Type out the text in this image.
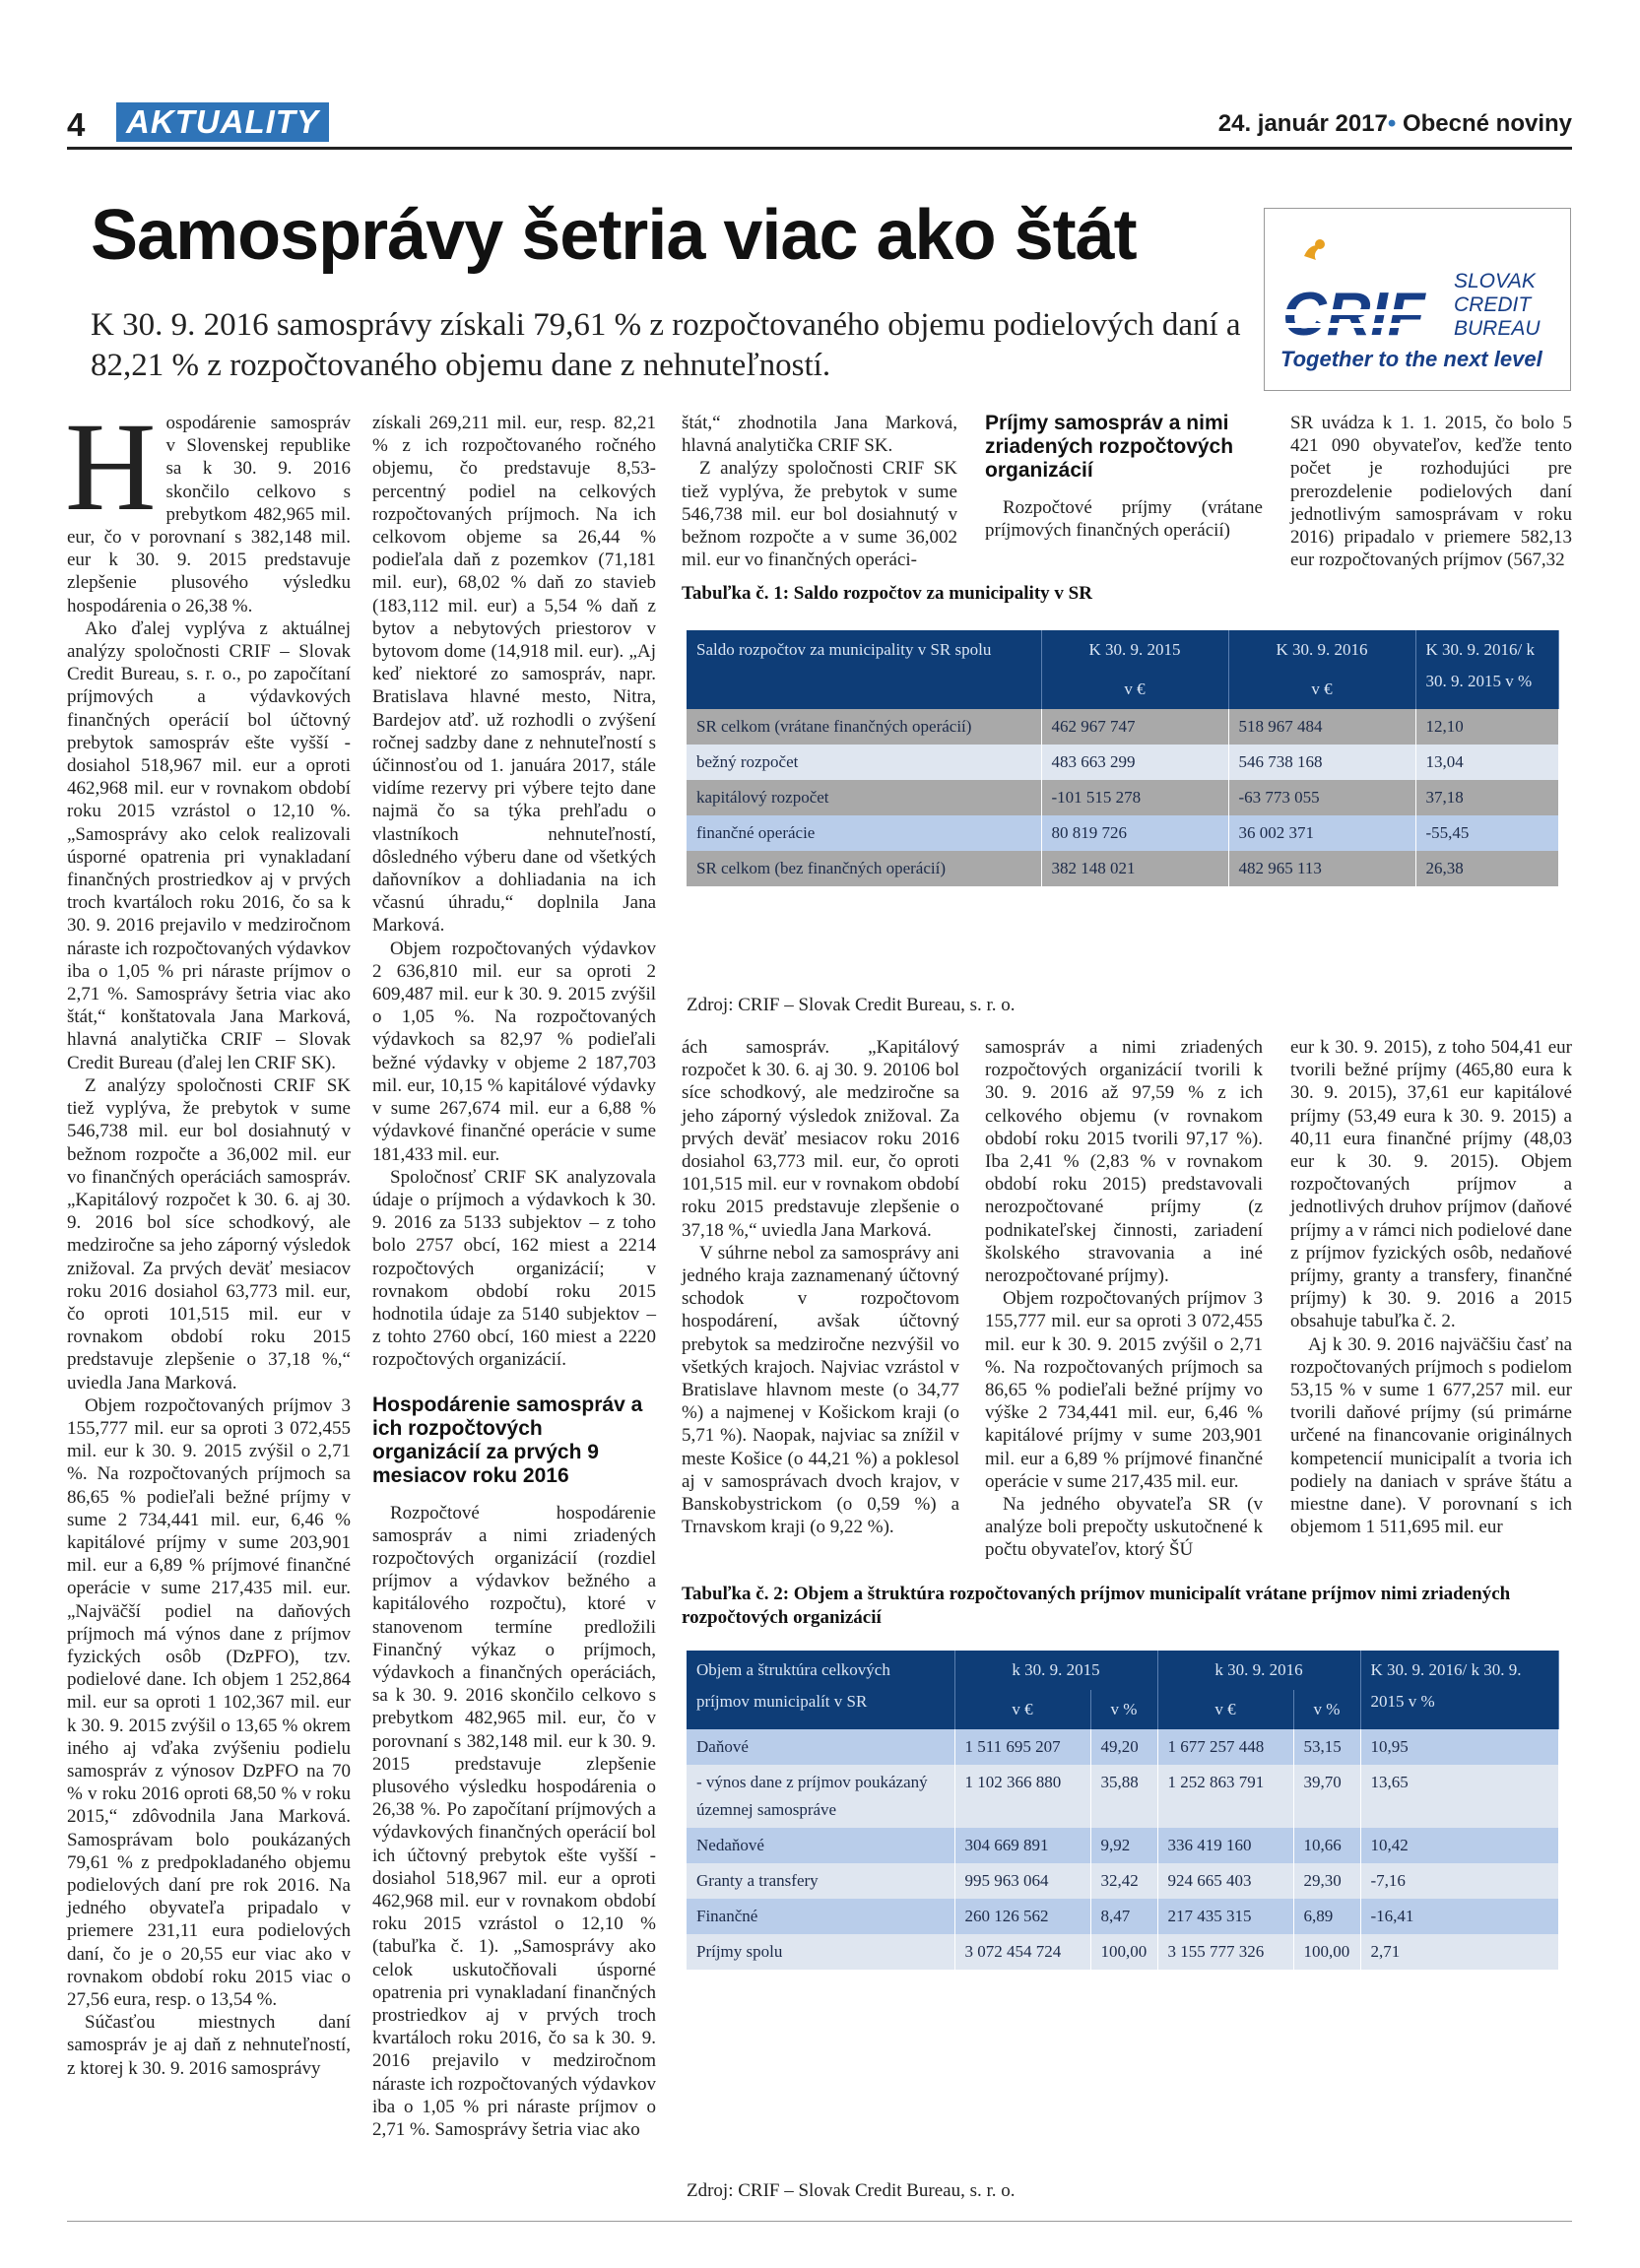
4	AKTUALITY	24. január 2017• Obecné noviny
Samosprávy šetria viac ako štát
K 30. 9. 2016 samosprávy získali 79,61 % z rozpočtovaného objemu podielových daní a 82,21 % z rozpočtovaného objemu dane z nehnuteľností.
SLOVAK
CREDIT
BUREAU
Together to the next level

Hospodárenie samospráv v Slovenskej republike sa k 30. 9. 2016 skončilo celkovo s prebytkom 482,965 mil. eur, čo v porovnaní s 382,148 mil. eur k 30. 9. 2015 predstavuje zlepšenie plusového výsledku hospodárenia o 26,38 %.

Ako ďalej vyplýva z aktuálnej analýzy spoločnosti CRIF – Slovak Credit Bureau, s. r. o., po započítaní príjmových a výdavkových finančných operácií bol účtovný prebytok samospráv ešte vyšší - dosiahol 518,967 mil. eur a oproti 462,968 mil. eur v rovnakom období roku 2015 vzrástol o 12,10 %. „Samosprávy ako celok realizovali úsporné opatrenia pri vynakladaní finančných prostriedkov aj v prvých troch kvartáloch roku 2016, čo sa k 30. 9. 2016 prejavilo v medziročnom náraste ich rozpočtovaných výdavkov iba o 1,05 % pri náraste príjmov o 2,71 %. Samosprávy šetria viac ako štát,“ konštatovala Jana Marková, hlavná analytička CRIF – Slovak Credit Bureau (ďalej len CRIF SK).

Z analýzy spoločnosti CRIF SK tiež vyplýva, že prebytok v sume 546,738 mil. eur bol dosiahnutý v bežnom rozpočte a 36,002 mil. eur vo finančných operáciách samospráv. „Kapitálový rozpočet k 30. 6. aj 30. 9. 2016 bol síce schodkový, ale medziročne sa jeho záporný výsledok znižoval. Za prvých deväť mesiacov roku 2016 dosiahol 63,773 mil. eur, čo oproti 101,515 mil. eur v rovnakom období roku 2015 predstavuje zlepšenie o 37,18 %,“ uviedla Jana Marková.

Objem rozpočtovaných príjmov 3 155,777 mil. eur sa oproti 3 072,455 mil. eur k 30. 9. 2015 zvýšil o 2,71 %. Na rozpočtovaných príjmoch sa 86,65 % podieľali bežné príjmy v sume 2 734,441 mil. eur, 6,46 % kapitálové príjmy v sume 203,901 mil. eur a 6,89 % príjmové finančné operácie v sume 217,435 mil. eur. „Najväčší podiel na daňových príjmoch má výnos dane z príjmov fyzických osôb (DzPFO), tzv. podielové dane. Ich objem 1 252,864 mil. eur sa oproti 1 102,367 mil. eur k 30. 9. 2015 zvýšil o 13,65 % okrem iného aj vďaka zvýšeniu podielu samospráv z výnosov DzPFO na 70 % v roku 2016 oproti 68,50 % v roku 2015,“ zdôvodnila Jana Marková. Samosprávam bolo poukázaných 79,61 % z predpokladaného objemu podielových daní pre rok 2016. Na jedného obyvateľa pripadalo v priemere 231,11 eura podielových daní, čo je o 20,55 eur viac ako v rovnakom období roku 2015 viac o 27,56 eura, resp. o 13,54 %.

Súčasťou miestnych daní samospráv je aj daň z nehnuteľností, z ktorej k 30. 9. 2016 samosprávy

získali 269,211 mil. eur, resp. 82,21 % z ich rozpočtovaného ročného objemu, čo predstavuje 8,53-percentný podiel na celkových rozpočtovaných príjmoch. Na ich celkovom objeme sa 26,44 % podieľala daň z pozemkov (71,181 mil. eur), 68,02 % daň zo stavieb (183,112 mil. eur) a 5,54 % daň z bytov a nebytových priestorov v bytovom dome (14,918 mil. eur). „Aj keď niektoré zo samospráv, napr. Bratislava hlavné mesto, Nitra, Bardejov atď. už rozhodli o zvýšení ročnej sadzby dane z nehnuteľností s účinnosťou od 1. januára 2017, stále vidíme rezervy pri výbere tejto dane najmä čo sa týka prehľadu o vlastníkoch nehnuteľností, dôsledného výberu dane od všetkých daňovníkov a dohliadania na ich včasnú úhradu,“ doplnila Jana Marková.

Objem rozpočtovaných výdavkov 2 636,810 mil. eur sa oproti 2 609,487 mil. eur k 30. 9. 2015 zvýšil o 1,05 %. Na rozpočtovaných výdavkoch sa 82,97 % podieľali bežné výdavky v objeme 2 187,703 mil. eur, 10,15 % kapitálové výdavky v sume 267,674 mil. eur a 6,88 % výdavkové finančné operácie v sume 181,433 mil. eur.

Spoločnosť CRIF SK analyzovala údaje o príjmoch a výdavkoch k 30. 9. 2016 za 5133 subjektov – z toho bolo 2757 obcí, 162 miest a 2214 rozpočtových organizácií; v rovnakom období roku 2015 hodnotila údaje za 5140 subjektov – z tohto 2760 obcí, 160 miest a 2220 rozpočtových organizácií.

Hospodárenie samospráv a ich rozpočtových organizácií za prvých 9 mesiacov roku 2016

Rozpočtové hospodárenie samospráv a nimi zriadených rozpočtových organizácií (rozdiel príjmov a výdavkov bežného a kapitálového rozpočtu), ktoré v stanovenom termíne predložili Finančný výkaz o príjmoch, výdavkoch a finančných operáciách, sa k 30. 9. 2016 skončilo celkovo s prebytkom 482,965 mil. eur, čo v porovnaní s 382,148 mil. eur k 30. 9. 2015 predstavuje zlepšenie plusového výsledku hospodárenia o 26,38 %. Po započítaní príjmových a výdavkových finančných operácií bol ich účtovný prebytok ešte vyšší - dosiahol 518,967 mil. eur a oproti 462,968 mil. eur v rovnakom období roku 2015 vzrástol o 12,10 % (tabuľka č. 1). „Samosprávy ako celok uskutočňovali úsporné opatrenia pri vynakladaní finančných prostriedkov aj v prvých troch kvartáloch roku 2016, čo sa k 30. 9. 2016 prejavilo v medziročnom náraste ich rozpočtovaných výdavkov iba o 1,05 % pri náraste príjmov o 2,71 %. Samosprávy šetria viac ako

štát,“ zhodnotila Jana Marková, hlavná analytička CRIF SK.

Z analýzy spoločnosti CRIF SK tiež vyplýva, že prebytok v sume 546,738 mil. eur bol dosiahnutý v bežnom rozpočte a v sume 36,002 mil. eur vo finančných operáci-

Príjmy samospráv a nimi zriadených rozpočtových organizácií

Rozpočtové príjmy (vrátane príjmových finančných operácií)

SR uvádza k 1. 1. 2015, čo bolo 5 421 090 obyvateľov, keďže tento počet je rozhodujúci pre prerozdelenie podielových daní jednotlivým samosprávam v roku 2016) pripadalo v priemere 582,13 eur rozpočtovaných príjmov (567,32

Tabuľka č. 1: Saldo rozpočtov za municipality v SR
Saldo rozpočtov za municipality v SR spolu	K 30. 9. 2015	K 30. 9. 2016	K 30. 9. 2016/ k 30. 9. 2015 v %
	v €	v €	
SR celkom (vrátane finančných operácií)	462 967 747	518 967 484	12,10
bežný rozpočet	483 663 299	546 738 168	13,04
kapitálový rozpočet	-101 515 278	-63 773 055	37,18
finančné operácie	80 819 726	36 002 371	-55,45
SR celkom (bez finančných operácií)	382 148 021	482 965 113	26,38
Zdroj: CRIF – Slovak Credit Bureau, s. r. o.

ách samospráv. „Kapitálový rozpočet k 30. 6. aj 30. 9. 20106 bol síce schodkový, ale medziročne sa jeho záporný výsledok znižoval. Za prvých deväť mesiacov roku 2016 dosiahol 63,773 mil. eur, čo oproti 101,515 mil. eur v rovnakom období roku 2015 predstavuje zlepšenie o 37,18 %,“ uviedla Jana Marková.

V súhrne nebol za samosprávy ani jedného kraja zaznamenaný účtovný schodok v rozpočtovom hospodárení, avšak účtovný prebytok sa medziročne nezvýšil vo všetkých krajoch. Najviac vzrástol v Bratislave hlavnom meste (o 34,77 %) a najmenej v Košickom kraji (o 5,71 %). Naopak, najviac sa znížil v meste Košice (o 44,21 %) a poklesol aj v samosprávach dvoch krajov, v Banskobystrickom (o 0,59 %) a Trnavskom kraji (o 9,22 %).

samospráv a nimi zriadených rozpočtových organizácií tvorili k 30. 9. 2016 až 97,59 % z ich celkového objemu (v rovnakom období roku 2015 tvorili 97,17 %). Iba 2,41 % (2,83 % v rovnakom období roku 2015) predstavovali nerozpočtované príjmy (z podnikateľskej činnosti, zariadení školského stravovania a iné nerozpočtované príjmy).

Objem rozpočtovaných príjmov 3 155,777 mil. eur sa oproti 3 072,455 mil. eur k 30. 9. 2015 zvýšil o 2,71 %. Na rozpočtovaných príjmoch sa 86,65 % podieľali bežné príjmy vo výške 2 734,441 mil. eur, 6,46 % kapitálové príjmy v sume 203,901 mil. eur a 6,89 % príjmové finančné operácie v sume 217,435 mil. eur.

Na jedného obyvateľa SR (v analýze boli prepočty uskutočnené k počtu obyvateľov, ktorý ŠÚ

eur k 30. 9. 2015), z toho 504,41 eur tvorili bežné príjmy (465,80 eura k 30. 9. 2015), 37,61 eur kapitálové príjmy (53,49 eura k 30. 9. 2015) a 40,11 eura finančné príjmy (48,03 eur k 30. 9. 2015). Objem rozpočtovaných príjmov a jednotlivých druhov príjmov (daňové príjmy a v rámci nich podielové dane z príjmov fyzických osôb, nedaňové príjmy, granty a transfery, finančné príjmy) k 30. 9. 2016 a 2015 obsahuje tabuľka č. 2.

Aj k 30. 9. 2016 najväčšiu časť na rozpočtovaných príjmoch s podielom 53,15 % v sume 1 677,257 mil. eur tvorili daňové príjmy (sú primárne určené na financovanie originálnych kompetencií municipalít a tvoria ich podiely na daniach v správe štátu a miestne dane). V porovnaní s ich objemom 1 511,695 mil. eur

Tabuľka č. 2: Objem a štruktúra rozpočtovaných príjmov municipalít vrátane príjmov nimi zriadených rozpočtových organizácií
Objem a štruktúra celkových príjmov municipalít v SR	k 30. 9. 2015		k 30. 9. 2016		K 30. 9. 2016/ k 30. 9. 2015 v %
	v €	v %	v €	v %	
Daňové	1 511 695 207	49,20	1 677 257 448	53,15	10,95
- výnos dane z príjmov poukázaný územnej samospráve	1 102 366 880	35,88	1 252 863 791	39,70	13,65
Nedaňové	304 669 891	9,92	336 419 160	10,66	10,42
Granty a transfery	995 963 064	32,42	924 665 403	29,30	-7,16
Finančné	260 126 562	8,47	217 435 315	6,89	-16,41
Príjmy spolu	3 072 454 724	100,00	3 155 777 326	100,00	2,71
Zdroj: CRIF – Slovak Credit Bureau, s. r. o.
